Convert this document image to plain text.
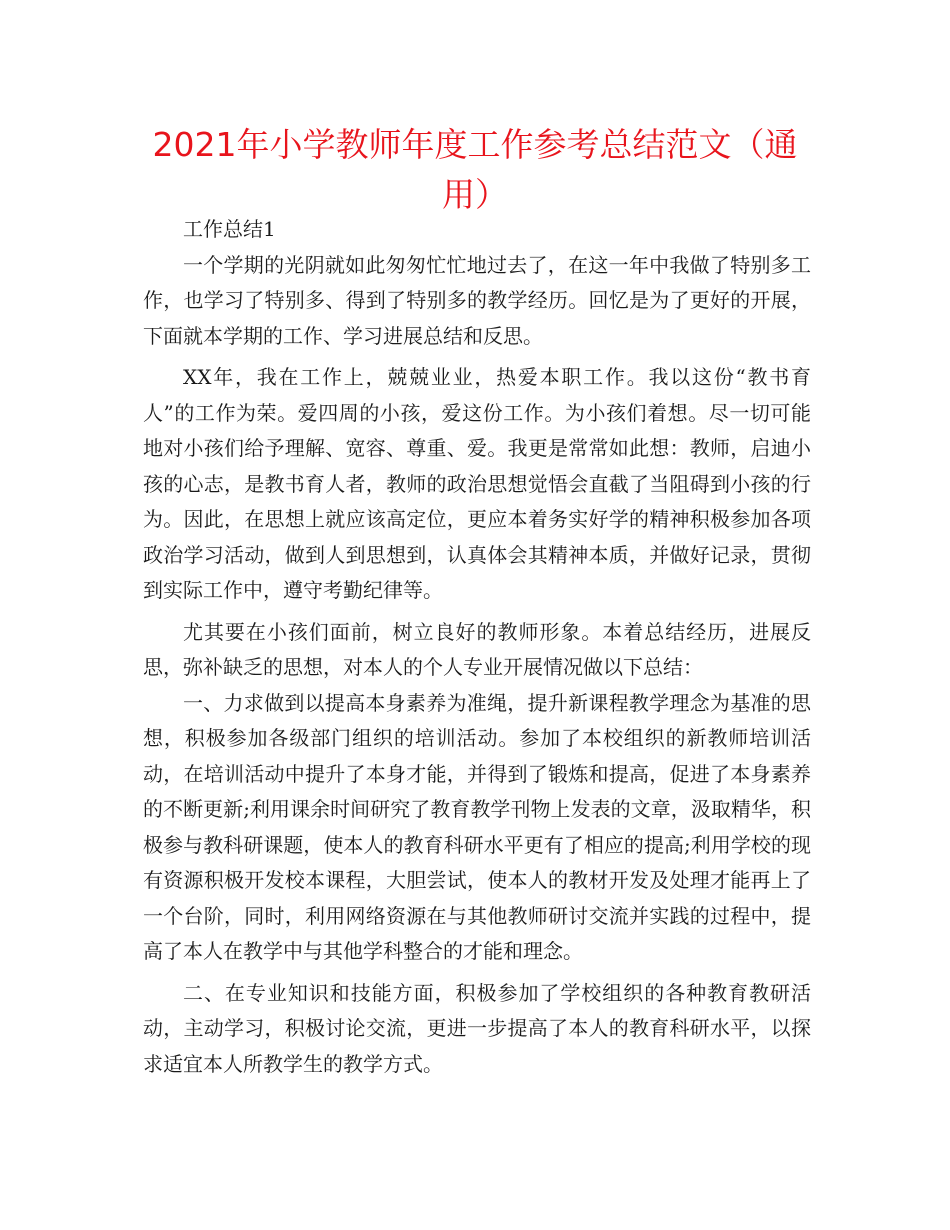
2021年小学教师年度工作参考总结范文（通用）

工作总结1

一个学期的光阴就如此匆匆忙忙地过去了，在这一年中我做了特别多工作，也学习了特别多、得到了特别多的教学经历。回忆是为了更好的开展，下面就本学期的工作、学习进展总结和反思。

XX年，我在工作上，兢兢业业，热爱本职工作。我以这份“教书育人”的工作为荣。爱四周的小孩，爱这份工作。为小孩们着想。尽一切可能地对小孩们给予理解、宽容、尊重、爱。我更是常常如此想：教师，启迪小孩的心志，是教书育人者，教师的政治思想觉悟会直截了当阻碍到小孩的行为。因此，在思想上就应该高定位，更应本着务实好学的精神积极参加各项政治学习活动，做到人到思想到，认真体会其精神本质，并做好记录，贯彻到实际工作中，遵守考勤纪律等。

尤其要在小孩们面前，树立良好的教师形象。本着总结经历，进展反思，弥补缺乏的思想，对本人的个人专业开展情况做以下总结：

一、力求做到以提高本身素养为准绳，提升新课程教学理念为基准的思想，积极参加各级部门组织的培训活动。参加了本校组织的新教师培训活动，在培训活动中提升了本身才能，并得到了锻炼和提高，促进了本身素养的不断更新;利用课余时间研究了教育教学刊物上发表的文章，汲取精华，积极参与教科研课题，使本人的教育科研水平更有了相应的提高;利用学校的现有资源积极开发校本课程，大胆尝试，使本人的教材开发及处理才能再上了一个台阶，同时，利用网络资源在与其他教师研讨交流并实践的过程中，提高了本人在教学中与其他学科整合的才能和理念。

二、在专业知识和技能方面，积极参加了学校组织的各种教育教研活动，主动学习，积极讨论交流，更进一步提高了本人的教育科研水平，以探求适宜本人所教学生的教学方式。
